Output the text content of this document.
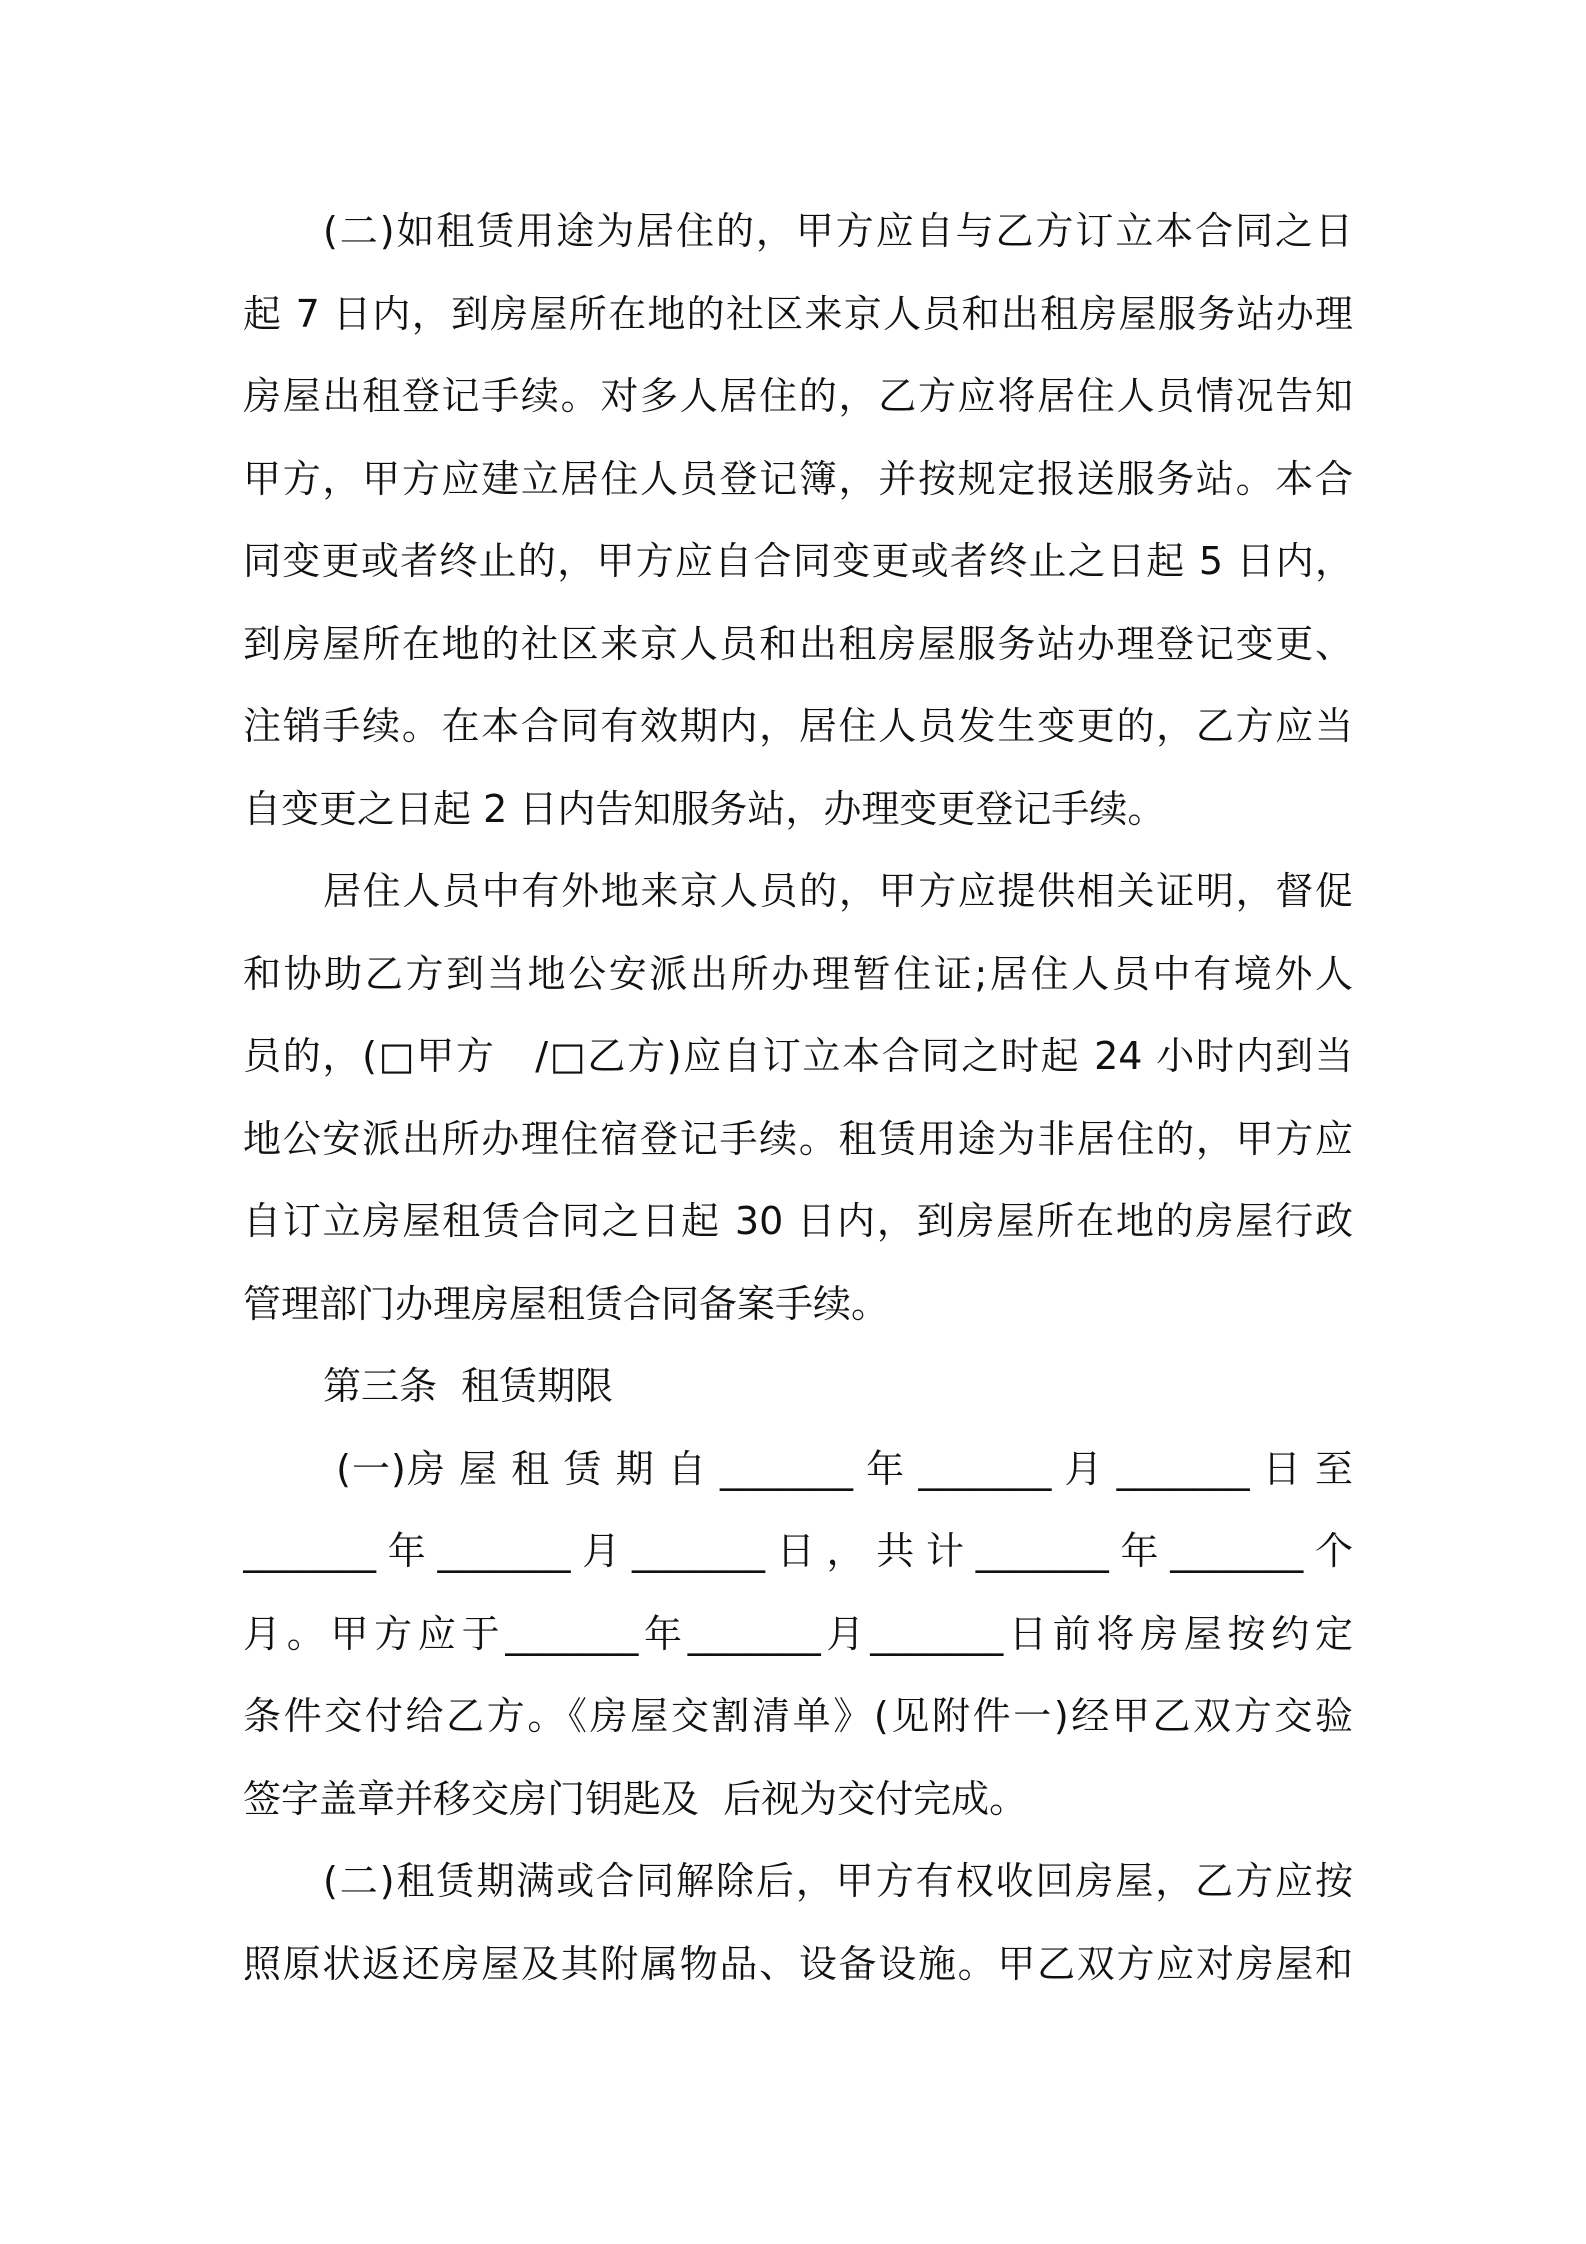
(二)如租赁用途为居住的，甲方应自与乙方订立本合同之日
起 7 日内，到房屋所在地的社区来京人员和出租房屋服务站办理
房屋出租登记手续。对多人居住的，乙方应将居住人员情况告知
甲方，甲方应建立居住人员登记簿，并按规定报送服务站。本合
同变更或者终止的，甲方应自合同变更或者终止之日起 5 日内，
到房屋所在地的社区来京人员和出租房屋服务站办理登记变更、
注销手续。在本合同有效期内，居住人员发生变更的，乙方应当
自变更之日起 2 日内告知服务站，办理变更登记手续。
居住人员中有外地来京人员的，甲方应提供相关证明，督促
和协助乙方到当地公安派出所办理暂住证;居住人员中有境外人
员的，(□甲方　/□乙方)应自订立本合同之时起 24 小时内到当
地公安派出所办理住宿登记手续。租赁用途为非居住的，甲方应
自订立房屋租赁合同之日起 30 日内，到房屋所在地的房屋行政
管理部门办理房屋租赁合同备案手续。
第三条  租赁期限
(一)房 屋 租 赁 期 自 _______ 年 _______ 月 _______ 日 至
_______年_______月_______日，共计_______年_______个
月。甲方应于_______年_______月_______日前将房屋按约定
条件交付给乙方。《房屋交割清单》(见附件一)经甲乙双方交验
签字盖章并移交房门钥匙及  后视为交付完成。
(二)租赁期满或合同解除后，甲方有权收回房屋，乙方应按
照原状返还房屋及其附属物品、设备设施。甲乙双方应对房屋和
